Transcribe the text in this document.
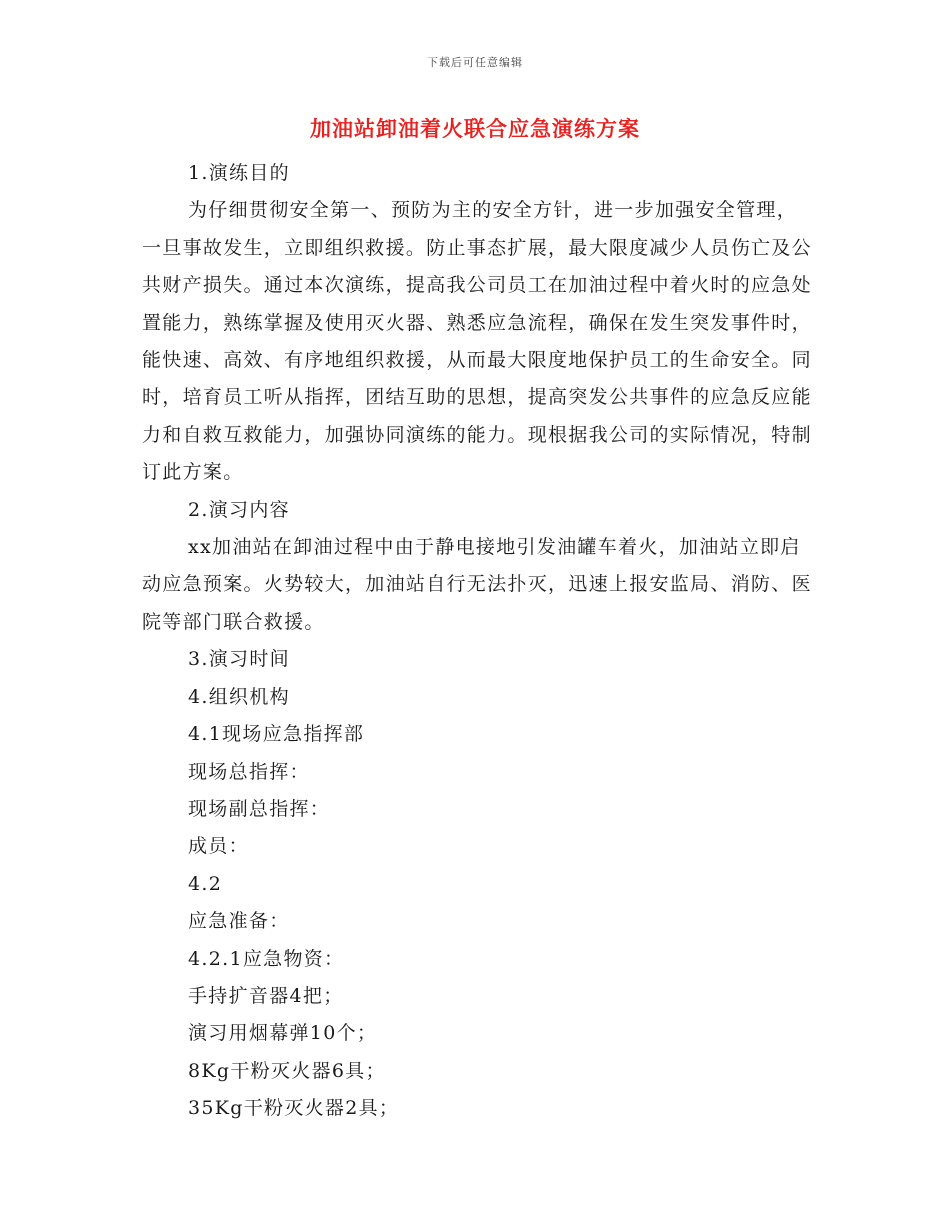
下载后可任意编辑
加油站卸油着火联合应急演练方案

1.演练目的

为仔细贯彻安全第一、预防为主的安全方针，进一步加强安全管理，一旦事故发生，立即组织救援。防止事态扩展，最大限度减少人员伤亡及公共财产损失。通过本次演练，提高我公司员工在加油过程中着火时的应急处置能力，熟练掌握及使用灭火器、熟悉应急流程，确保在发生突发事件时，能快速、高效、有序地组织救援，从而最大限度地保护员工的生命安全。同时，培育员工听从指挥，团结互助的思想，提高突发公共事件的应急反应能力和自救互救能力，加强协同演练的能力。现根据我公司的实际情况，特制订此方案。

2.演习内容

xx加油站在卸油过程中由于静电接地引发油罐车着火，加油站立即启动应急预案。火势较大，加油站自行无法扑灭，迅速上报安监局、消防、医院等部门联合救援。

3.演习时间

4.组织机构

4.1现场应急指挥部

现场总指挥：

现场副总指挥：

成员：

4.2

应急准备：

4.2.1应急物资：

手持扩音器4把；

演习用烟幕弹10个；

8Kg干粉灭火器6具；

35Kg干粉灭火器2具；
